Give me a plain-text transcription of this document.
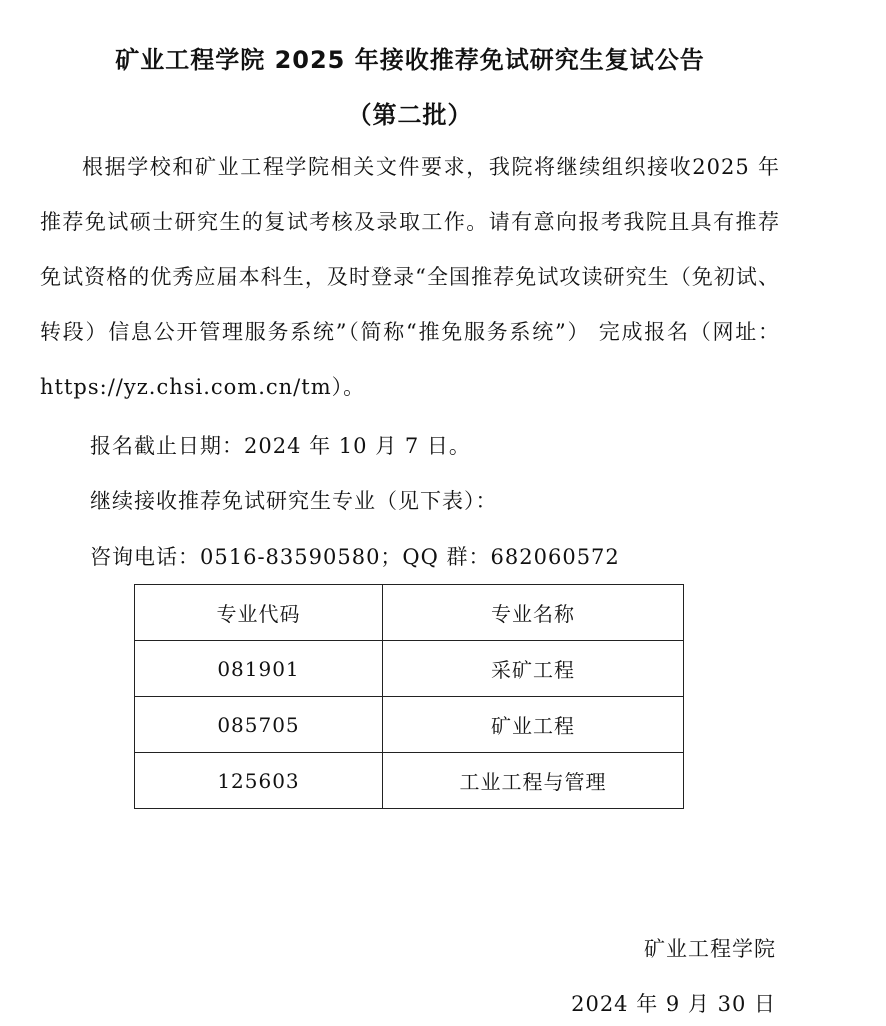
矿业工程学院 2025 年接收推荐免试研究生复试公告
（第二批）
根据学校和矿业工程学院相关文件要求，我院将继续组织接收2025 年推荐免试硕士研究生的复试考核及录取工作。请有意向报考我院且具有推荐免试资格的优秀应届本科生，及时登录“全国推荐免试攻读研究生（免初试、转段）信息公开管理服务系统”（简称“推免服务系统”） 完成报名（网址：https://yz.chsi.com.cn/tm）。
报名截止日期：2024 年 10 月 7 日。
继续接收推荐免试研究生专业（见下表）：
咨询电话：0516-83590580；QQ 群：682060572
专业代码	专业名称
081901	采矿工程
085705	矿业工程
125603	工业工程与管理
矿业工程学院
2024 年 9 月 30 日
